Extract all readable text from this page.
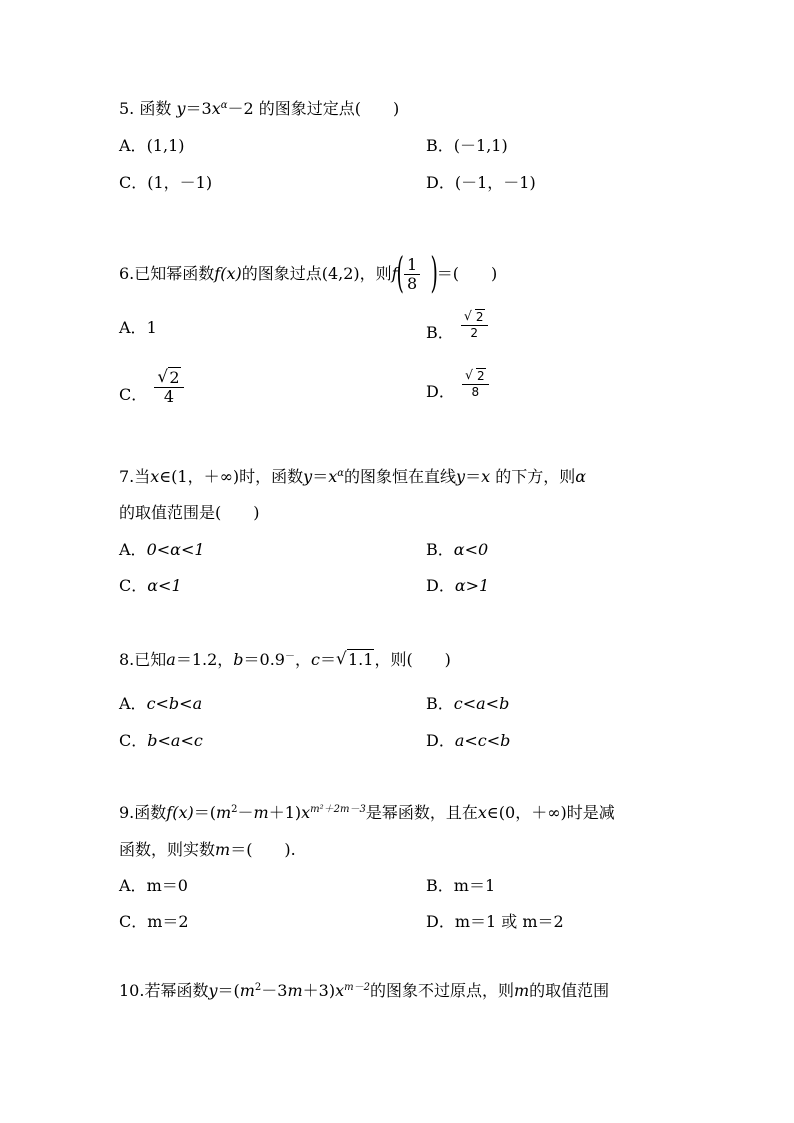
5. 函数 $y=3x^\alpha-2$ 的图象过定点(　　)
A．(1,1)	B．(－1,1)
C．(1，－1)	D．(－1，－1)
6.已知幂函数f(x)的图象过点(4,2)，则$f( \frac{1}{8}$ )＝(　　)
A．1	B． $\frac{√ 2}{2}$
C． $\frac{√ 2}{4}$	D． $\frac{√ 2}{8}$
7.当x∈(1，＋∞)时，函数$y=x^\alpha$的图象恒在直线y＝x 的下方，则α
的取值范围是(　　)
A．0<α<1	B．α<0
C．α<1	D．α>1
8.已知a＝1.2，b＝0.9－，c＝ √ 1.1，则(　　)
A．c<b<a	B．c<a<b
C．b<a<c	D．a<c<b
9.函数$f(x)=(m^2-m+1)x^{m^2+2m-3}$是幂函数，且在x∈(0，＋∞)时是减
函数，则实数m＝(　　).
A．m＝0	B．m＝1
C．m＝2	D．m＝1 或 m＝2
10.若幂函数$y=(m^2-3m+3)x^{m-2}$的图象不过原点，则m的取值范围
